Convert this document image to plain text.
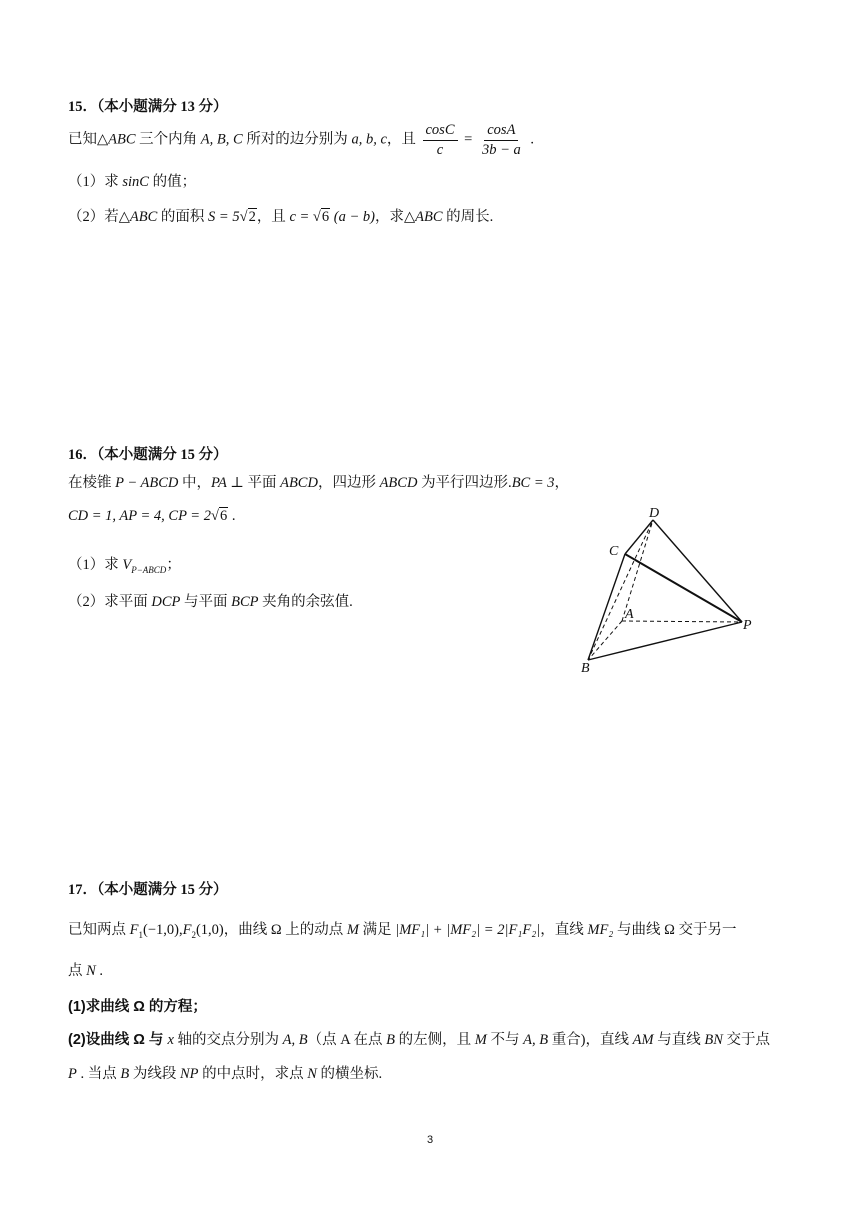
15．（本小题满分 13 分）
已知△ABC 三个内角 A, B, C 所对的边分别为 a, b, c，且 $\frac{\cos C}{c} = \frac{\cos A}{3b - a}$ .
（1）求 sinC 的值；
（2）若△ABC 的面积 S = 5√2，且 c = √6 (a − b)，求△ABC 的周长.
16．（本小题满分 15 分）
在棱锥 P − ABCD 中，PA ⊥ 平面 ABCD，四边形 ABCD 为平行四边形.BC = 3，
CD = 1, AP = 4, CP = 2√6 .
（1）求 $V_{P-ABCD}$；
（2）求平面 DCP 与平面 BCP 夹角的余弦值.
D
C
A
P
B
17．（本小题满分 15 分）
已知两点 $F_1(-1,0),F_2(1,0)$，曲线 Ω 上的动点 M 满足 |MF₁| + |MF₂| = 2|F₁F₂|，直线 MF₂ 与曲线 Ω 交于另一
点 N .
(1)求曲线 Ω 的方程；
(2)设曲线 Ω 与 x 轴的交点分别为 A, B（点 A 在点 B 的左侧，且 M 不与 A, B 重合)，直线 AM 与直线 BN 交于点
P . 当点 B 为线段 NP 的中点时，求点 N 的横坐标.
3
